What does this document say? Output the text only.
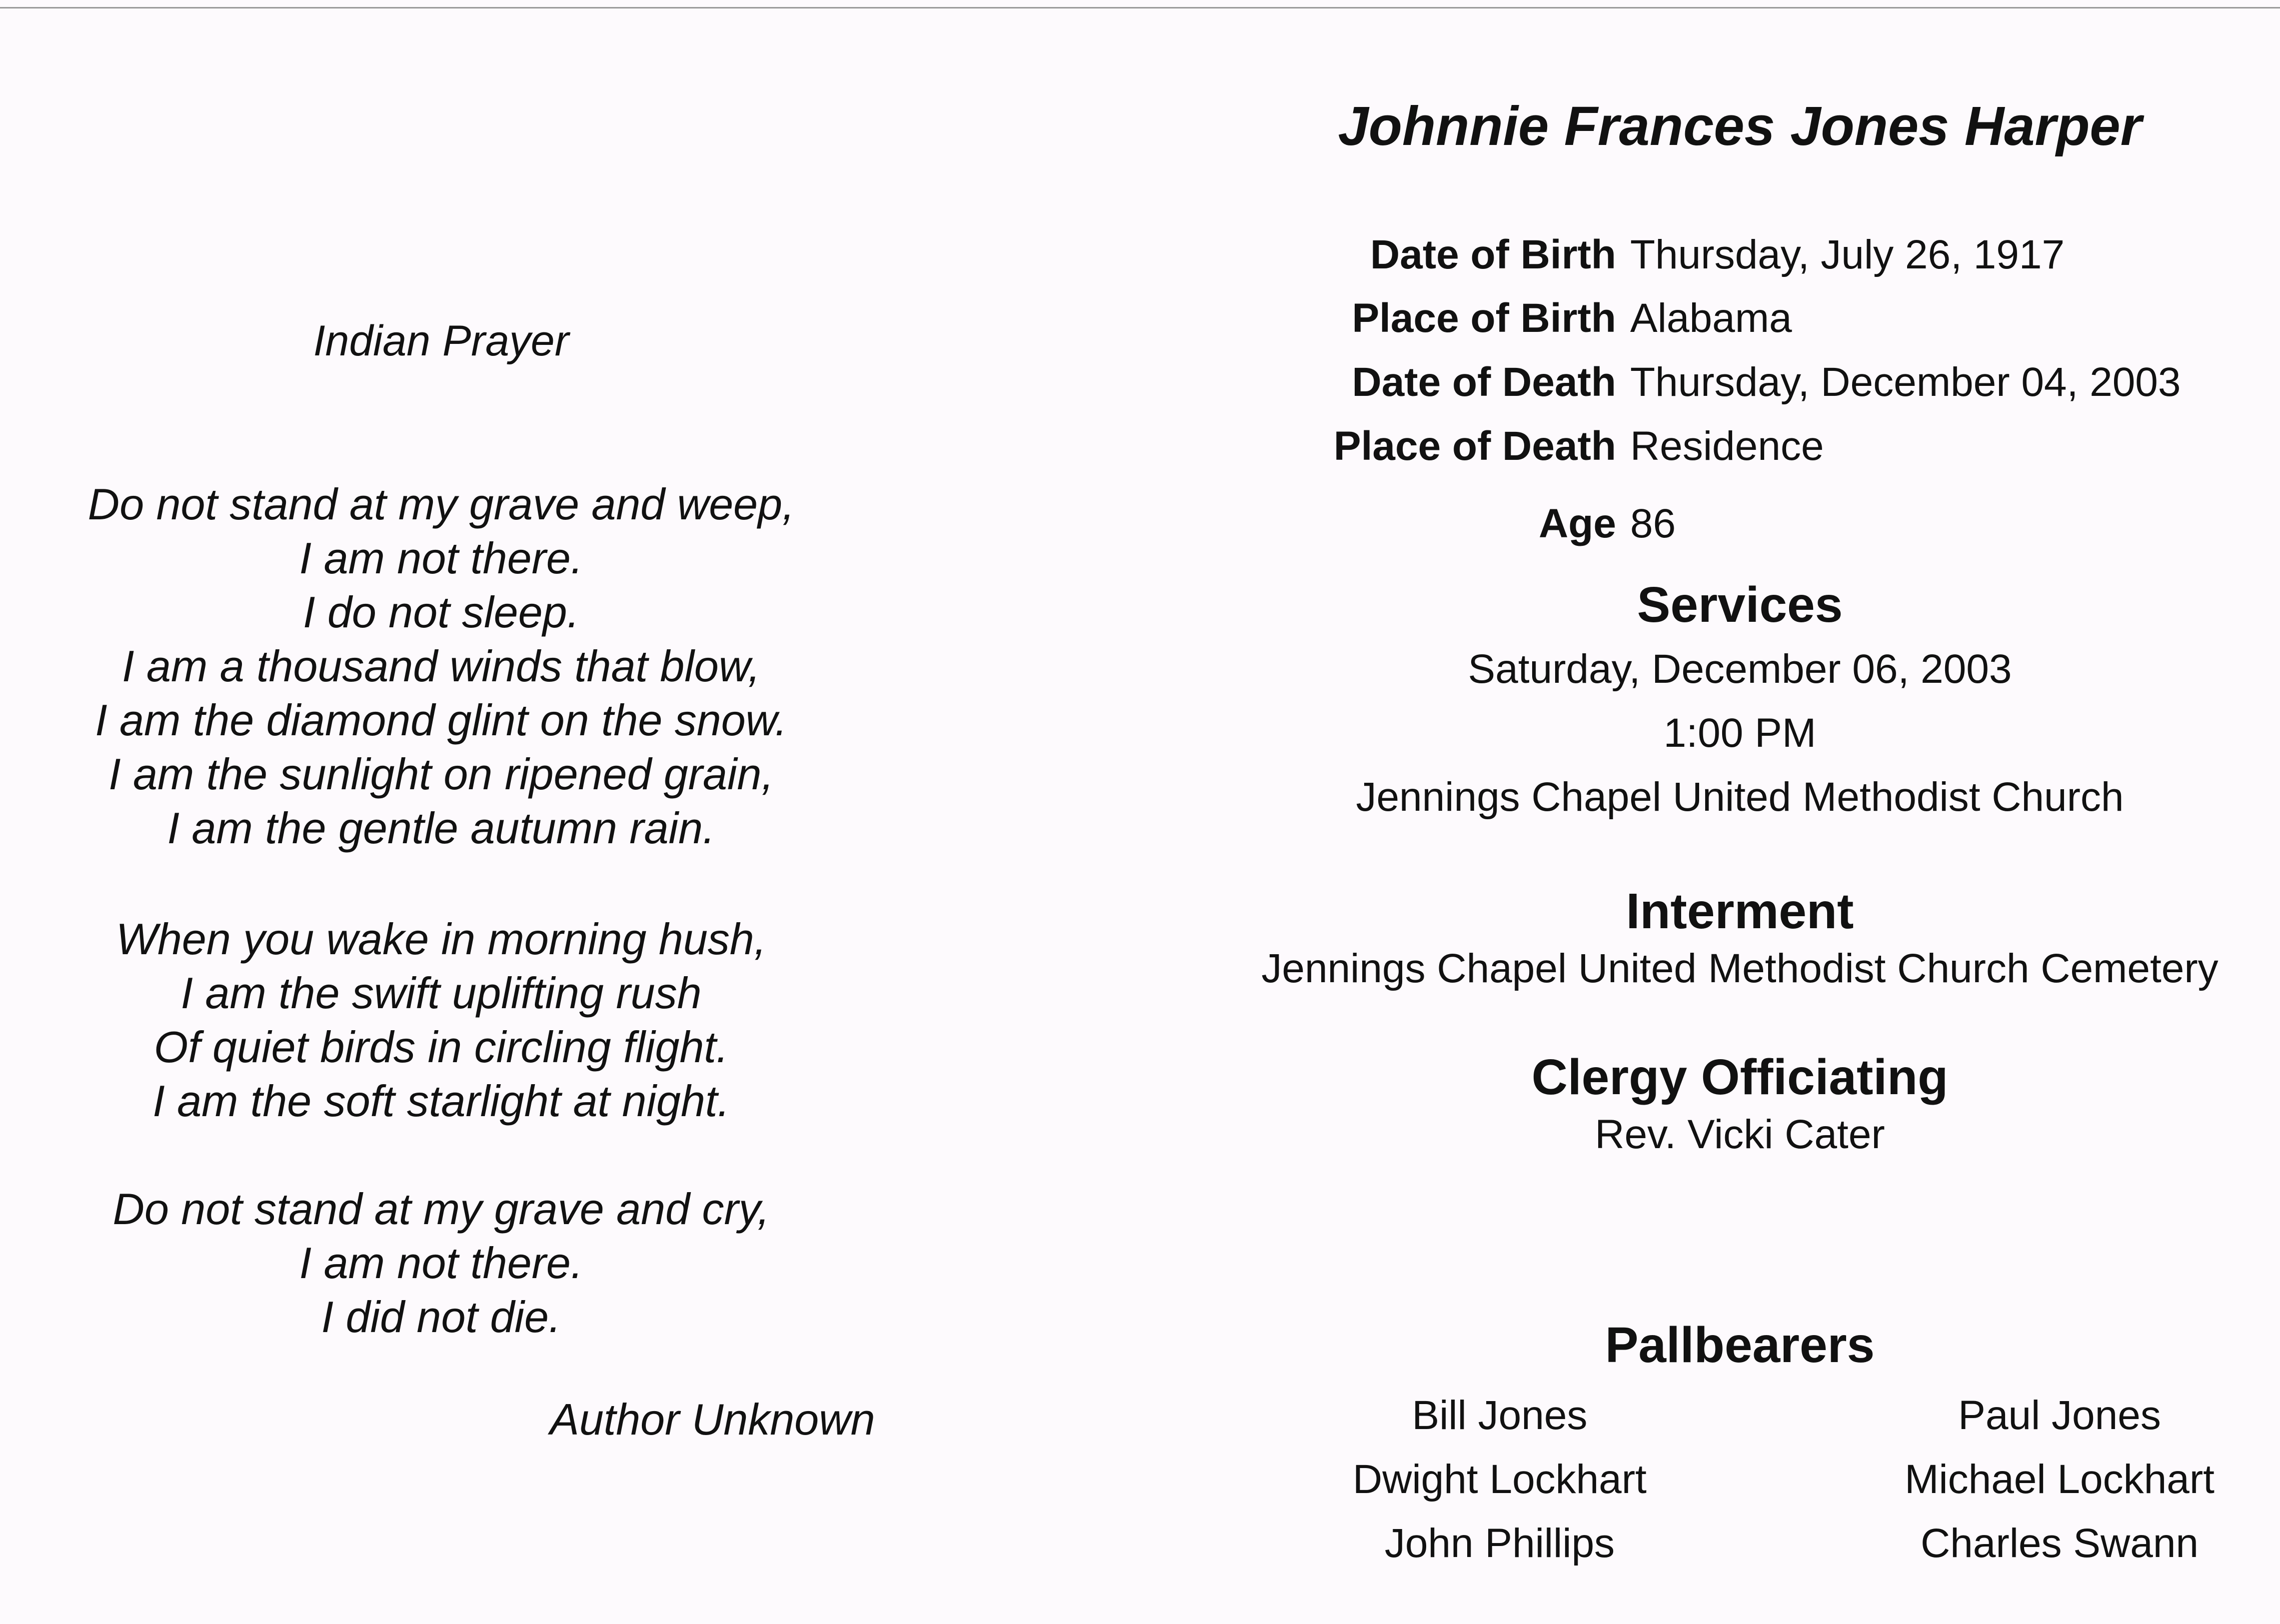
Indian Prayer
Do not stand at my grave and weep,
I am not there.
I do not sleep.
I am a thousand winds that blow,
I am the diamond glint on the snow.
I am the sunlight on ripened grain,
I am the gentle autumn rain.
When you wake in morning hush,
I am the swift uplifting rush
Of quiet birds in circling flight.
I am the soft starlight at night.
Do not stand at my grave and cry,
I am not there.
I did not die.
Author Unknown
Johnnie Frances Jones Harper
Date of Birth Thursday, July 26, 1917
Place of Birth Alabama
Date of Death Thursday, December 04, 2003
Place of Death Residence
Age 86
Services
Saturday, December 06, 2003
1:00 PM
Jennings Chapel United Methodist Church
Interment
Jennings Chapel United Methodist Church Cemetery
Clergy Officiating
Rev. Vicki Cater
Pallbearers
Bill Jones
Dwight Lockhart
John Phillips
Paul Jones
Michael Lockhart
Charles Swann
